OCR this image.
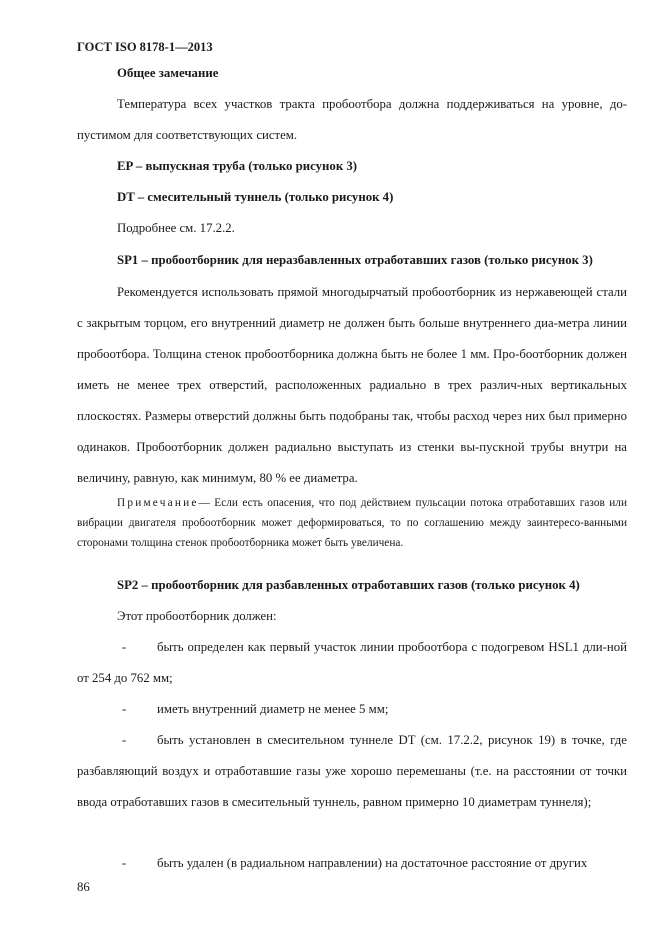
ГОСТ ISO 8178-1—2013
Общее замечание
Температура всех участков тракта пробоотбора должна поддерживаться на уровне, до-пустимом для соответствующих систем.
EP – выпускная труба (только рисунок 3)
DT – смесительный туннель (только рисунок 4)
Подробнее см. 17.2.2.
SP1 – пробоотборник для неразбавленных отработавших газов (только рисунок 3)
Рекомендуется использовать прямой многодырчатый пробоотборник из нержавеющей стали с закрытым торцом, его внутренний диаметр не должен быть больше внутреннего диа-метра линии пробоотбора. Толщина стенок пробоотборника должна быть не более 1 мм. Про-боотборник должен иметь не менее трех отверстий, расположенных радиально в трех различ-ных вертикальных плоскостях. Размеры отверстий должны быть подобраны так, чтобы расход через них был примерно одинаков. Пробоотборник должен радиально выступать из стенки вы-пускной трубы внутри на величину, равную, как минимум, 80 % ее диаметра.
Примечание— Если есть опасения, что под действием пульсации потока отработавших газов или вибрации двигателя пробоотборник может деформироваться, то по соглашению между заинтересо-ванными сторонами толщина стенок пробоотборника может быть увеличена.
SP2 – пробоотборник для разбавленных отработавших газов (только рисунок 4)
Этот пробоотборник должен:
-	быть определен как первый участок линии пробоотбора с подогревом HSL1 дли-ной от 254 до 762 мм;
-	иметь внутренний диаметр не менее 5 мм;
-	быть установлен в смесительном туннеле DT (см. 17.2.2, рисунок 19) в точке, где разбавляющий воздух и отработавшие газы уже хорошо перемешаны (т.е. на расстоянии от точки ввода отработавших газов в смесительный туннель, равном примерно 10 диаметрам туннеля);
-	быть удален (в радиальном направлении) на достаточное расстояние от других
86
